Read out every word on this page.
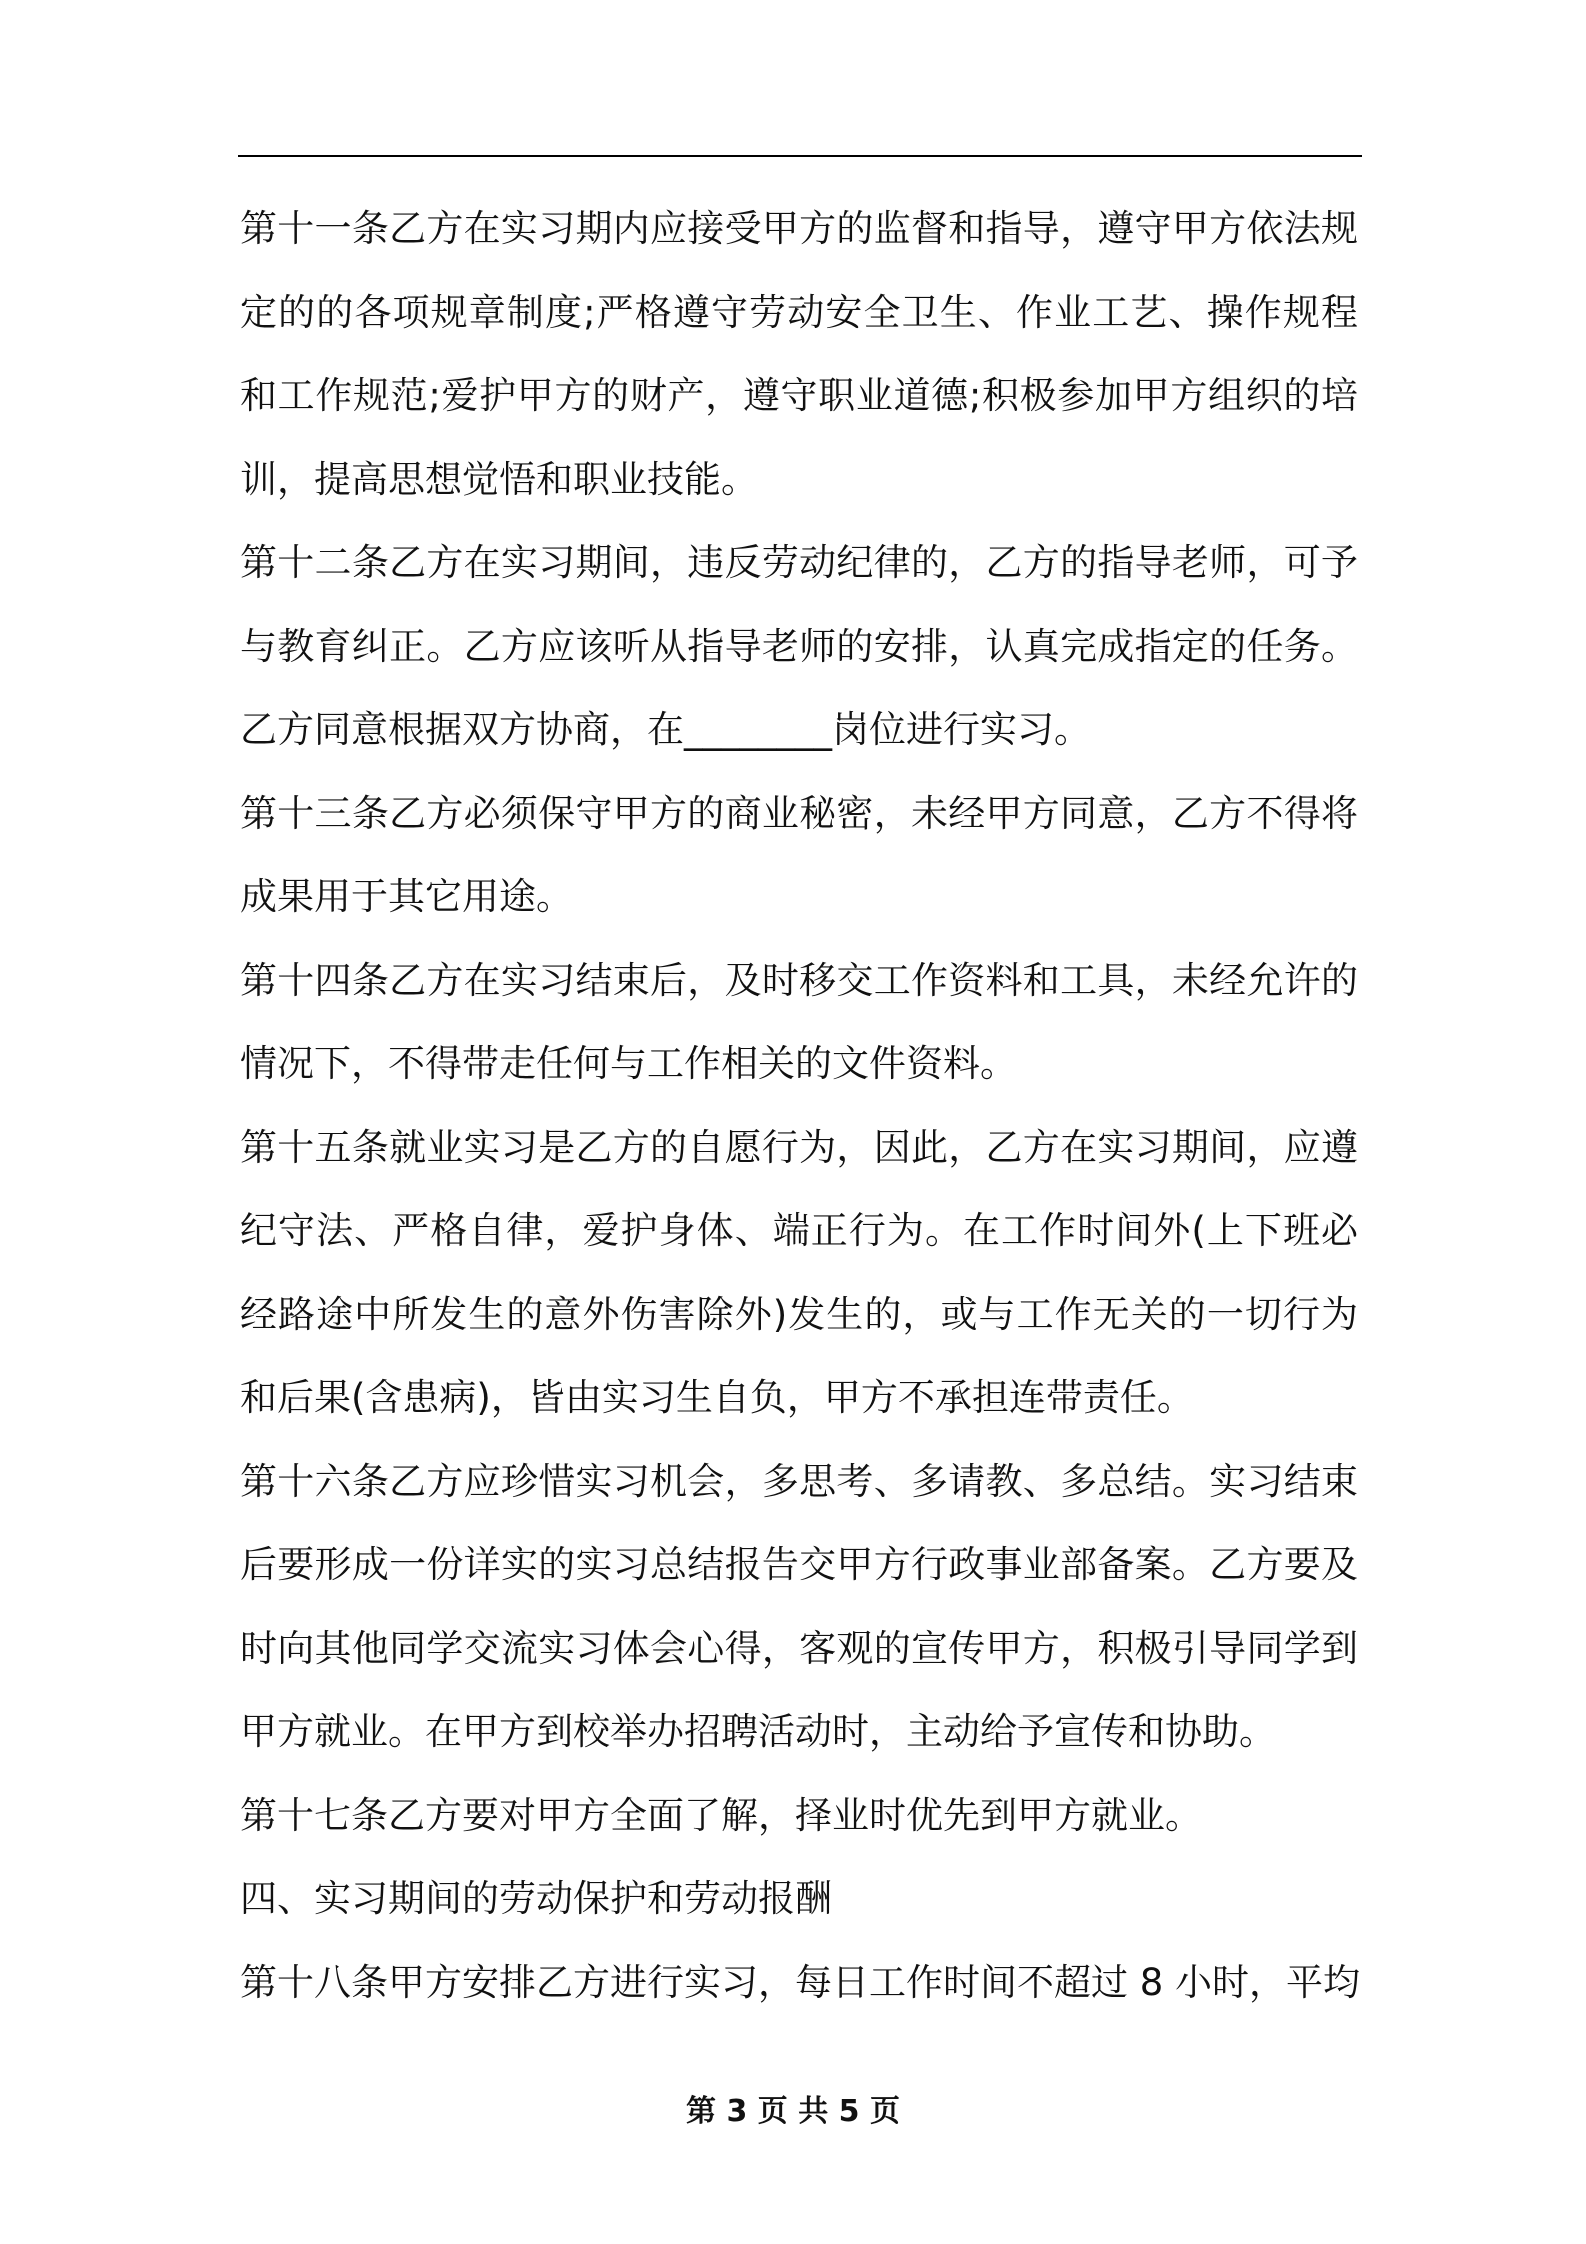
第十一条乙方在实习期内应接受甲方的监督和指导，遵守甲方依法规
定的的各项规章制度;严格遵守劳动安全卫生、作业工艺、操作规程
和工作规范;爱护甲方的财产，遵守职业道德;积极参加甲方组织的培
训，提高思想觉悟和职业技能。
第十二条乙方在实习期间，违反劳动纪律的，乙方的指导老师，可予
与教育纠正。乙方应该听从指导老师的安排，认真完成指定的任务。
乙方同意根据双方协商，在________岗位进行实习。
第十三条乙方必须保守甲方的商业秘密，未经甲方同意，乙方不得将
成果用于其它用途。
第十四条乙方在实习结束后，及时移交工作资料和工具，未经允许的
情况下，不得带走任何与工作相关的文件资料。
第十五条就业实习是乙方的自愿行为，因此，乙方在实习期间，应遵
纪守法、严格自律，爱护身体、端正行为。在工作时间外(上下班必
经路途中所发生的意外伤害除外)发生的，或与工作无关的一切行为
和后果(含患病)，皆由实习生自负，甲方不承担连带责任。
第十六条乙方应珍惜实习机会，多思考、多请教、多总结。实习结束
后要形成一份详实的实习总结报告交甲方行政事业部备案。乙方要及
时向其他同学交流实习体会心得，客观的宣传甲方，积极引导同学到
甲方就业。在甲方到校举办招聘活动时，主动给予宣传和协助。
第十七条乙方要对甲方全面了解，择业时优先到甲方就业。
四、实习期间的劳动保护和劳动报酬
第十八条甲方安排乙方进行实习，每日工作时间不超过 8 小时，平均
第 3 页 共 5 页
